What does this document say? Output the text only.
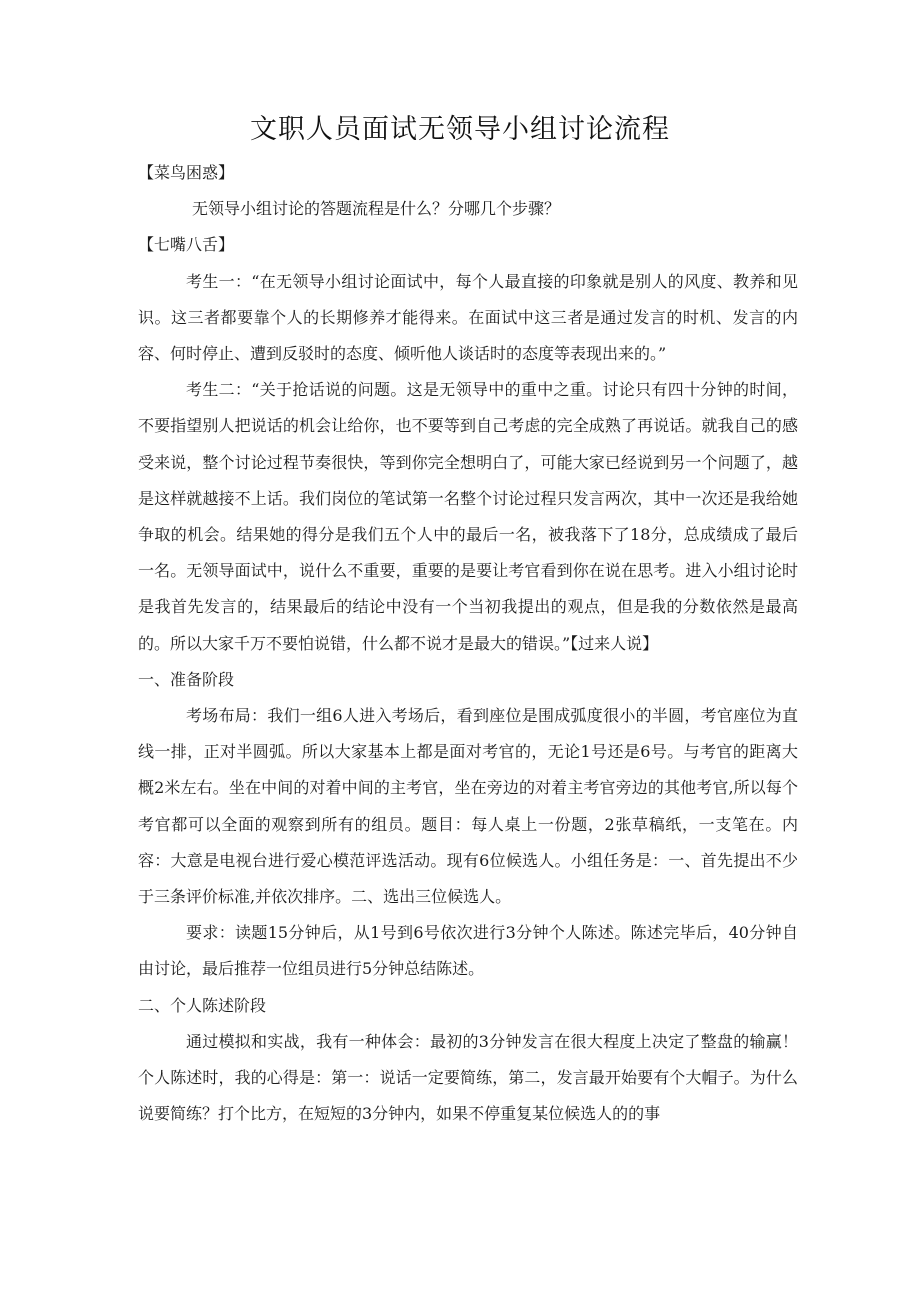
文职人员面试无领导小组讨论流程

【菜鸟困惑】

无领导小组讨论的答题流程是什么？分哪几个步骤？

【七嘴八舌】

考生一：“在无领导小组讨论面试中，每个人最直接的印象就是别人的风度、教养和见识。这三者都要靠个人的长期修养才能得来。在面试中这三者是通过发言的时机、发言的内容、何时停止、遭到反驳时的态度、倾听他人谈话时的态度等表现出来的。”

考生二：“关于抢话说的问题。这是无领导中的重中之重。讨论只有四十分钟的时间，不要指望别人把说话的机会让给你，也不要等到自己考虑的完全成熟了再说话。就我自己的感受来说，整个讨论过程节奏很快，等到你完全想明白了，可能大家已经说到另一个问题了，越是这样就越接不上话。我们岗位的笔试第一名整个讨论过程只发言两次，其中一次还是我给她争取的机会。结果她的得分是我们五个人中的最后一名，被我落下了18分，总成绩成了最后一名。无领导面试中，说什么不重要，重要的是要让考官看到你在说在思考。进入小组讨论时是我首先发言的，结果最后的结论中没有一个当初我提出的观点，但是我的分数依然是最高的。所以大家千万不要怕说错，什么都不说才是最大的错误。”【过来人说】

一、准备阶段

考场布局：我们一组6人进入考场后，看到座位是围成弧度很小的半圆，考官座位为直线一排，正对半圆弧。所以大家基本上都是面对考官的，无论1号还是6号。与考官的距离大概2米左右。坐在中间的对着中间的主考官，坐在旁边的对着主考官旁边的其他考官,所以每个考官都可以全面的观察到所有的组员。题目：每人桌上一份题，2张草稿纸，一支笔在。内容：大意是电视台进行爱心模范评选活动。现有6位候选人。小组任务是：一、首先提出不少于三条评价标准,并依次排序。二、选出三位候选人。

要求：读题15分钟后，从1号到6号依次进行3分钟个人陈述。陈述完毕后，40分钟自由讨论，最后推荐一位组员进行5分钟总结陈述。

二、个人陈述阶段

通过模拟和实战，我有一种体会：最初的3分钟发言在很大程度上决定了整盘的输赢！个人陈述时，我的心得是：第一：说话一定要简练，第二，发言最开始要有个大帽子。为什么说要简练？打个比方，在短短的3分钟内，如果不停重复某位候选人的的事
